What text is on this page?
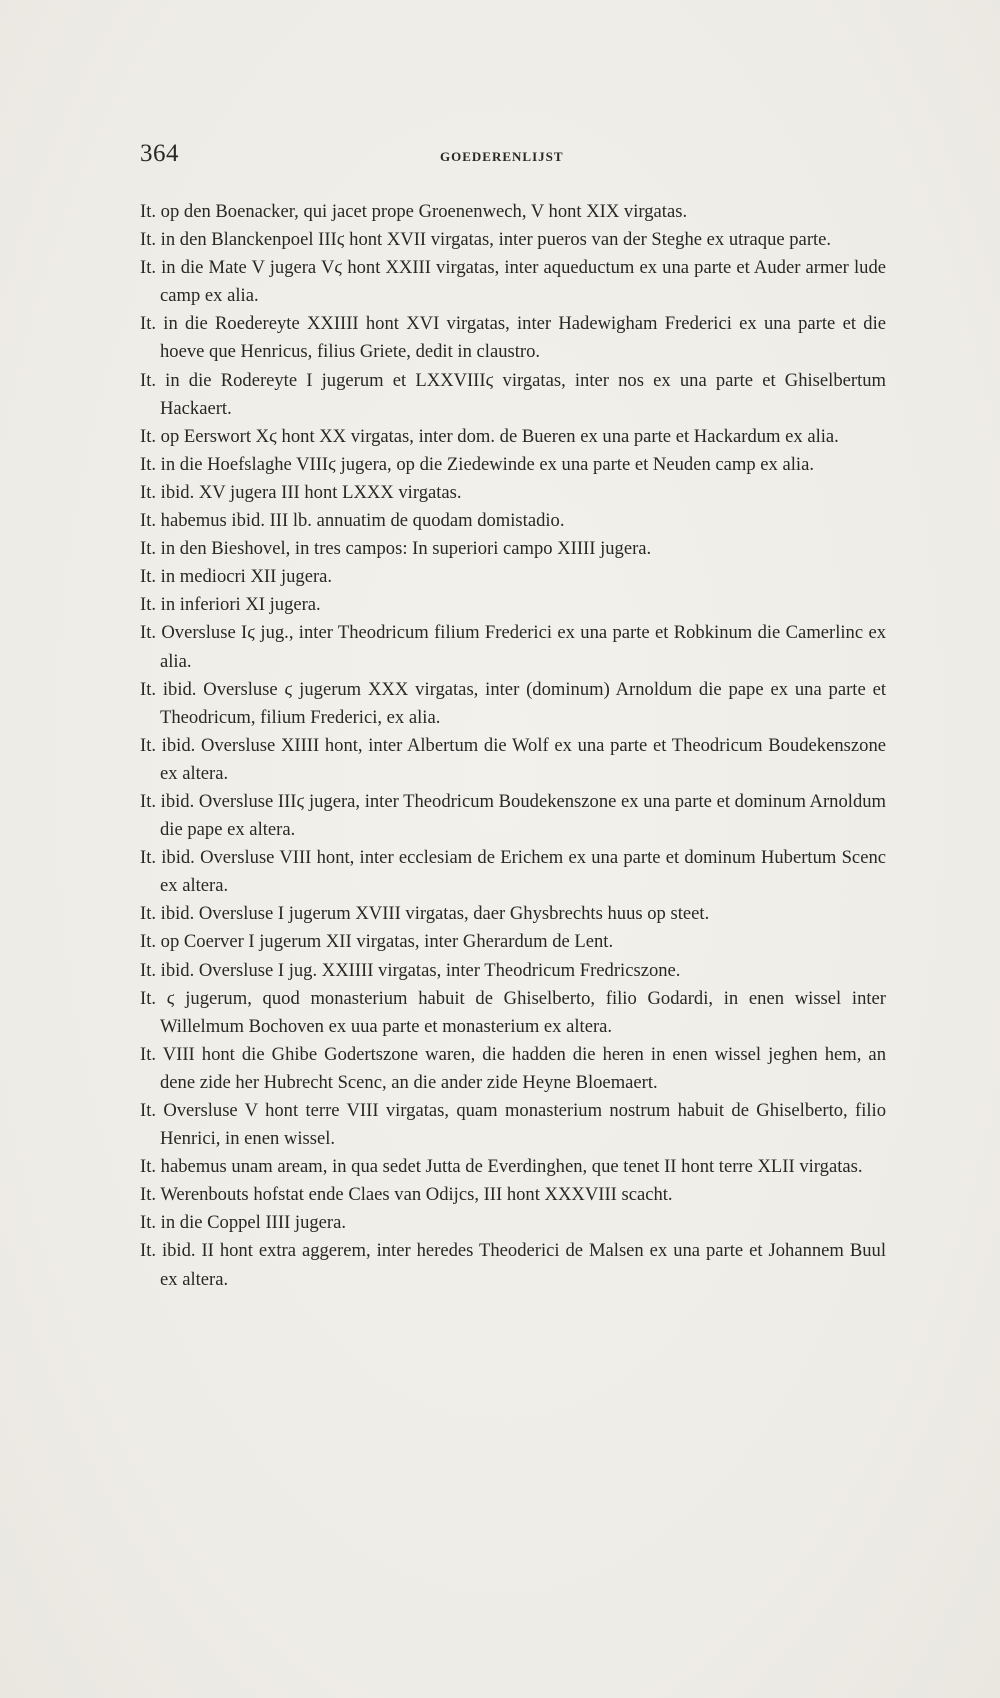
364	GOEDERENLIJST
It. op den Boenacker, qui jacet prope Groenenwech, V hont XIX virgatas.
It. in den Blanckenpoel IIIϛ hont XVII virgatas, inter pueros van der Steghe ex utraque parte.
It. in die Mate V jugera Vϛ hont XXIII virgatas, inter aqueductum ex una parte et Auder armer lude camp ex alia.
It. in die Roedereyte XXIIII hont XVI virgatas, inter Hadewigham Frederici ex una parte et die hoeve que Henricus, filius Griete, dedit in claustro.
It. in die Rodereyte I jugerum et LXXVIIIϛ virgatas, inter nos ex una parte et Ghiselbertum Hackaert.
It. op Eerswort Xϛ hont XX virgatas, inter dom. de Bueren ex una parte et Hackardum ex alia.
It. in die Hoefslaghe VIIIϛ jugera, op die Ziedewinde ex una parte et Neuden camp ex alia.
It. ibid. XV jugera III hont LXXX virgatas.
It. habemus ibid. III lb. annuatim de quodam domistadio.
It. in den Bieshovel, in tres campos: In superiori campo XIIII jugera.
It. in mediocri XII jugera.
It. in inferiori XI jugera.
It. Oversluse Iϛ jug., inter Theodricum filium Frederici ex una parte et Robkinum die Camerlinc ex alia.
It. ibid. Oversluse ϛ jugerum XXX virgatas, inter (dominum) Arnoldum die pape ex una parte et Theodricum, filium Frederici, ex alia.
It. ibid. Oversluse XIIII hont, inter Albertum die Wolf ex una parte et Theodricum Boudekenszone ex altera.
It. ibid. Oversluse IIIϛ jugera, inter Theodricum Boudekenszone ex una parte et dominum Arnoldum die pape ex altera.
It. ibid. Oversluse VIII hont, inter ecclesiam de Erichem ex una parte et dominum Hubertum Scenc ex altera.
It. ibid. Oversluse I jugerum XVIII virgatas, daer Ghysbrechts huus op steet.
It. op Coerver I jugerum XII virgatas, inter Gherardum de Lent.
It. ibid. Oversluse I jug. XXIIII virgatas, inter Theodricum Fredricszone.
It. ϛ jugerum, quod monasterium habuit de Ghiselberto, filio Godardi, in enen wissel inter Willelmum Bochoven ex uua parte et monasterium ex altera.
It. VIII hont die Ghibe Godertszone waren, die hadden die heren in enen wissel jeghen hem, an dene zide her Hubrecht Scenc, an die ander zide Heyne Bloemaert.
It. Oversluse V hont terre VIII virgatas, quam monasterium nostrum habuit de Ghiselberto, filio Henrici, in enen wissel.
It. habemus unam aream, in qua sedet Jutta de Everdinghen, que tenet II hont terre XLII virgatas.
It. Werenbouts hofstat ende Claes van Odijcs, III hont XXXVIII scacht.
It. in die Coppel IIII jugera.
It. ibid. II hont extra aggerem, inter heredes Theoderici de Malsen ex una parte et Johannem Buul ex altera.
